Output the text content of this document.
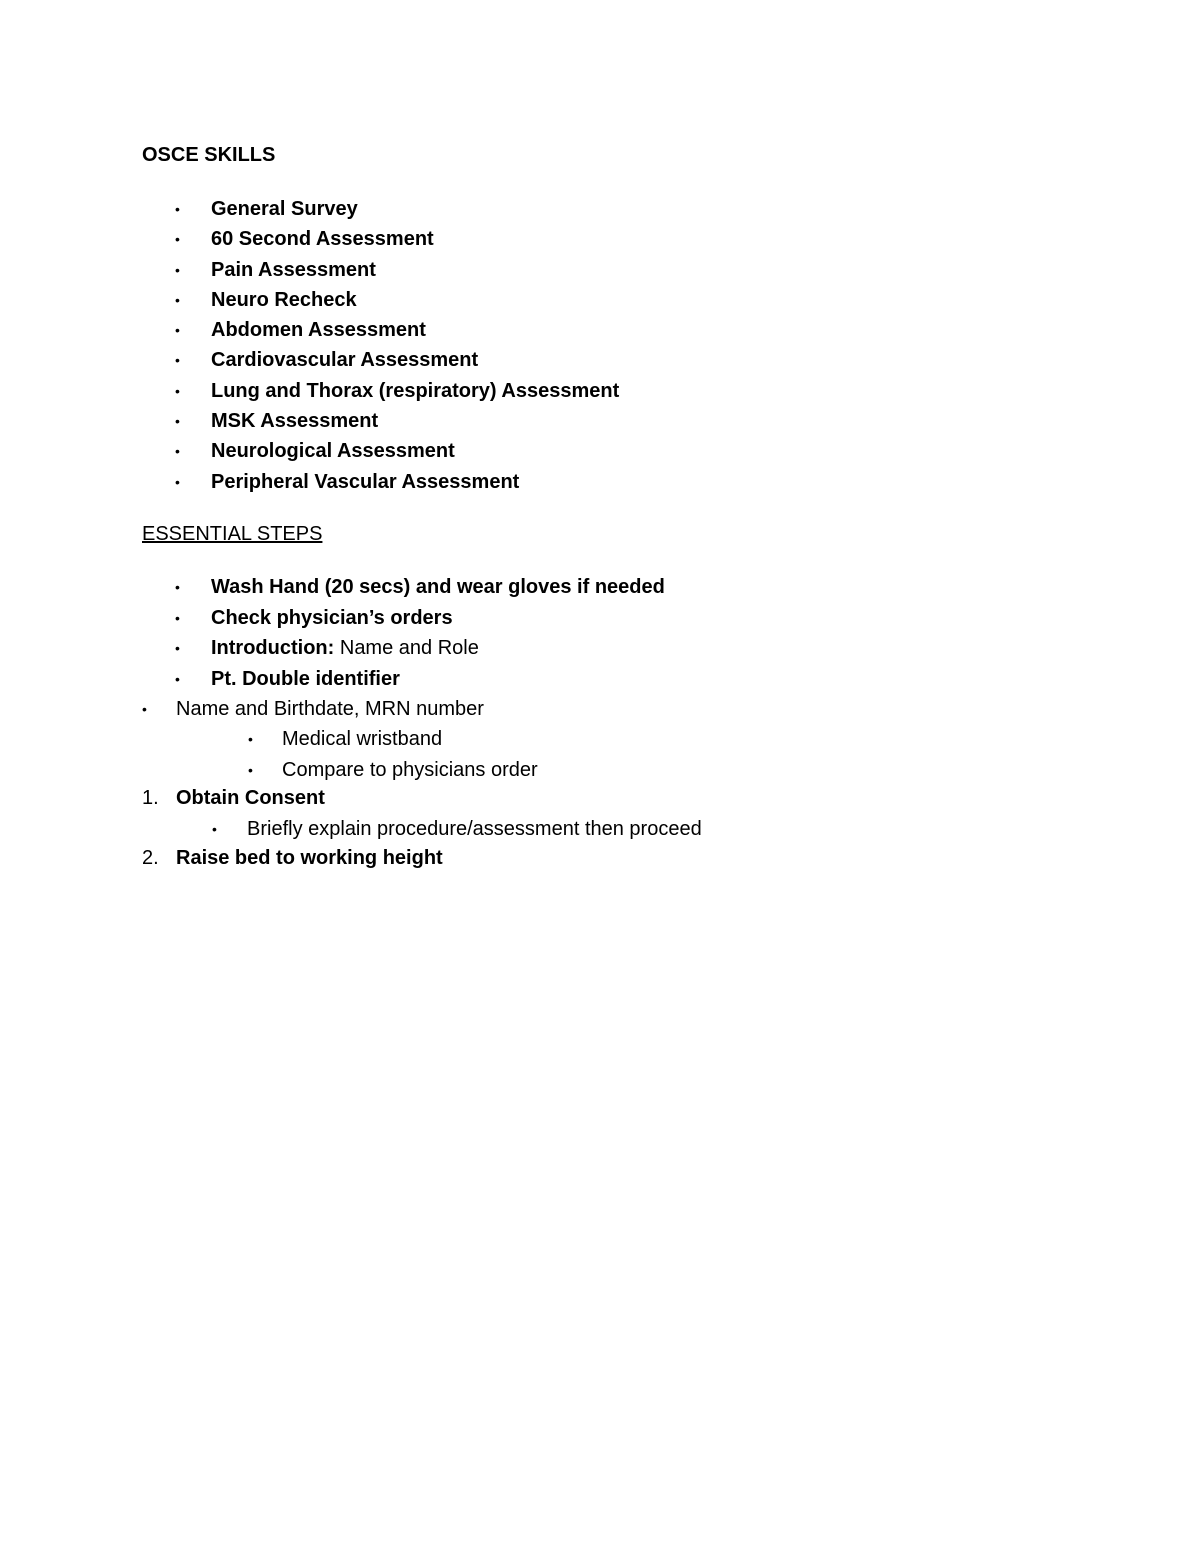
OSCE SKILLS
• General Survey
• 60 Second Assessment
• Pain Assessment
• Neuro Recheck
• Abdomen Assessment
• Cardiovascular Assessment
• Lung and Thorax (respiratory) Assessment
• MSK Assessment
• Neurological Assessment
• Peripheral Vascular Assessment
ESSENTIAL STEPS
• Wash Hand (20 secs) and wear gloves if needed
• Check physician’s orders
• Introduction: Name and Role
• Pt. Double identifier
• Name and Birthdate, MRN number
• Medical wristband
• Compare to physicians order
1. Obtain Consent
• Briefly explain procedure/assessment then proceed
2. Raise bed to working height
